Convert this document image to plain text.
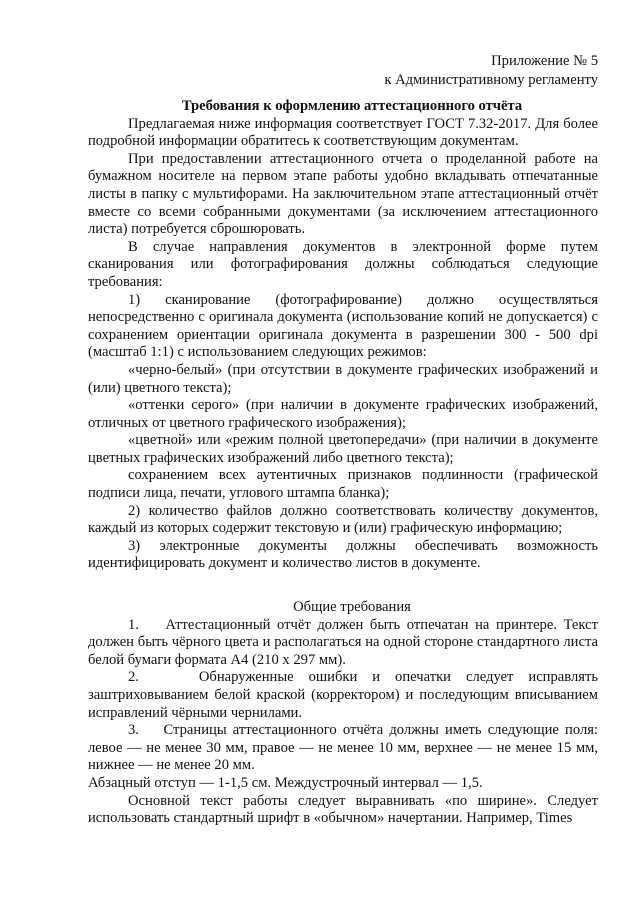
Приложение № 5
к Административному регламенту

Требования к оформлению аттестационного отчёта

Предлагаемая ниже информация соответствует ГОСТ 7.32-2017. Для более подробной информации обратитесь к соответствующим документам.

При предоставлении аттестационного отчета о проделанной работе на бумажном носителе на первом этапе работы удобно вкладывать отпечатанные листы в папку с мультифорами. На заключительном этапе аттестационный отчёт вместе со всеми собранными документами (за исключением аттестационного листа) потребуется сброшюровать.

В случае направления документов в электронной форме путем сканирования или фотографирования должны соблюдаться следующие требования:

1) сканирование (фотографирование) должно осуществляться непосредственно с оригинала документа (использование копий не допускается) с сохранением ориентации оригинала документа в разрешении 300 - 500 dpi (масштаб 1:1) с использованием следующих режимов:

«черно-белый» (при отсутствии в документе графических изображений и (или) цветного текста);

«оттенки серого» (при наличии в документе графических изображений, отличных от цветного графического изображения);

«цветной» или «режим полной цветопередачи» (при наличии в документе цветных графических изображений либо цветного текста);

сохранением всех аутентичных признаков подлинности (графической подписи лица, печати, углового штампа бланка);

2) количество файлов должно соответствовать количеству документов, каждый из которых содержит текстовую и (или) графическую информацию;

3) электронные документы должны обеспечивать возможность идентифицировать документ и количество листов в документе.

Общие требования

1.    Аттестационный отчёт должен быть отпечатан на принтере. Текст должен быть чёрного цвета и располагаться на одной стороне стандартного листа белой бумаги формата А4 (210 х 297 мм).

2.    Обнаруженные ошибки и опечатки следует исправлять заштриховыванием белой краской (корректором) и последующим вписыванием исправлений чёрными чернилами.

3.    Страницы аттестационного отчёта должны иметь следующие поля: левое — не менее 30 мм, правое — не менее 10 мм, верхнее — не менее 15 мм, нижнее — не менее 20 мм.

Абзацный отступ — 1-1,5 см. Междустрочный интервал — 1,5.

Основной текст работы следует выравнивать «по ширине». Следует использовать стандартный шрифт в «обычном» начертании. Например, Times
